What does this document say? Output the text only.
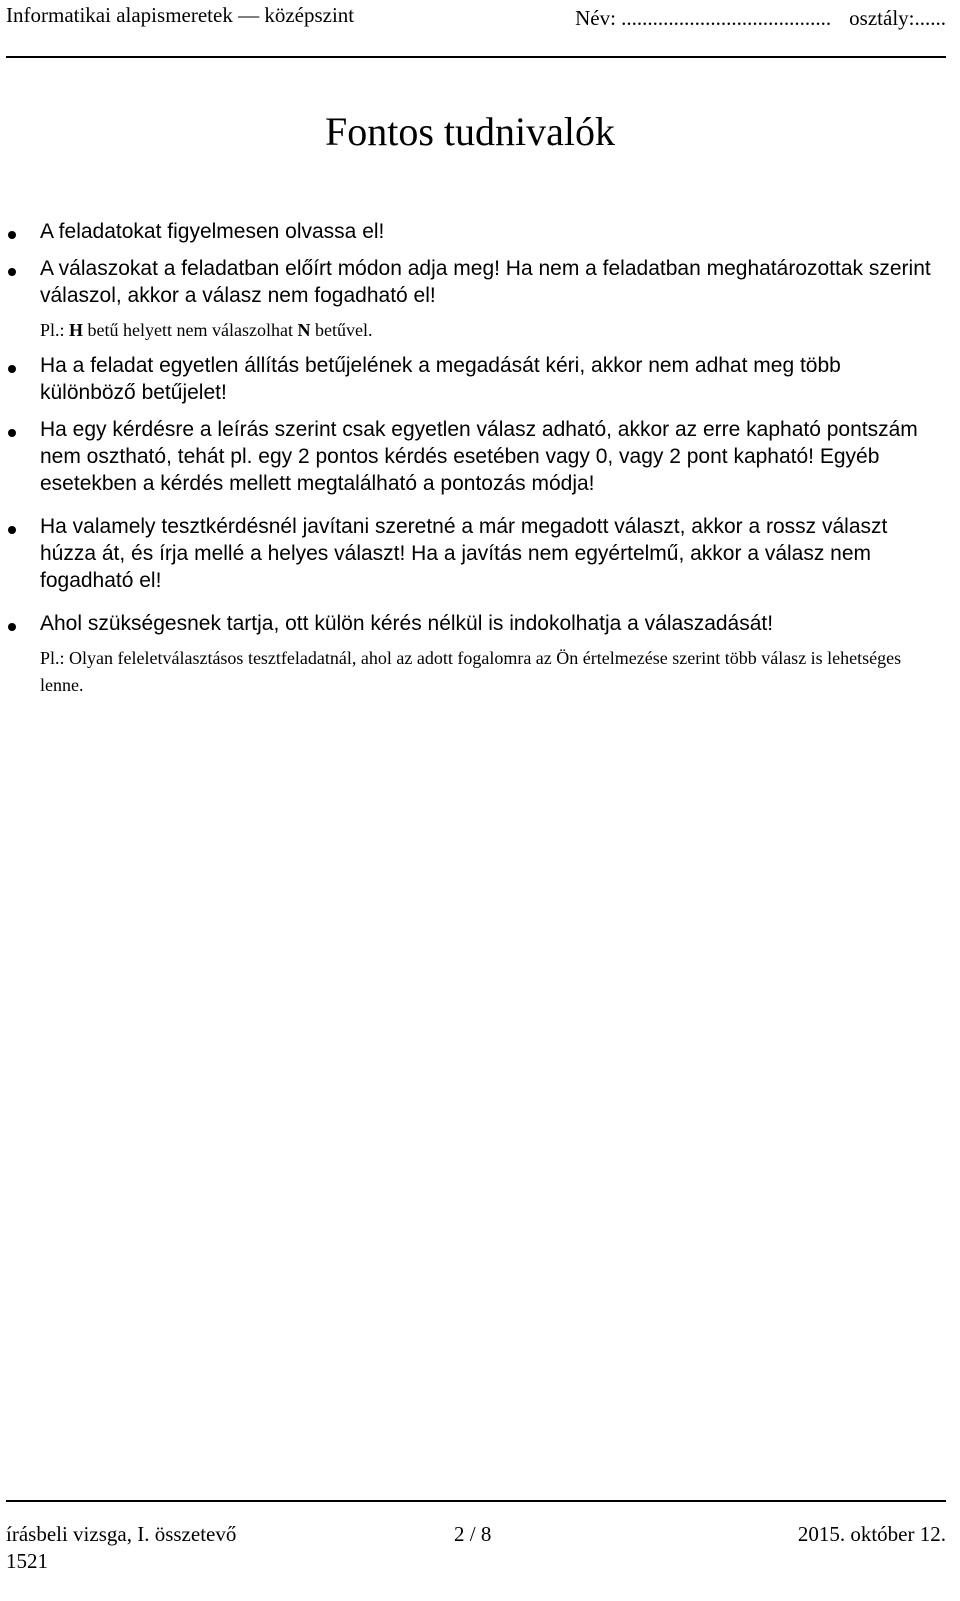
Informatikai alapismeretek — középszint	Név: ........................................ osztály:......
Fontos tudnivalók

A feladatokat figyelmesen olvassa el!

A válaszokat a feladatban előírt módon adja meg! Ha nem a feladatban meghatározottak szerint válaszol, akkor a válasz nem fogadható el!

Pl.: H betű helyett nem válaszolhat N betűvel.

Ha a feladat egyetlen állítás betűjelének a megadását kéri, akkor nem adhat meg több különböző betűjelet!

Ha egy kérdésre a leírás szerint csak egyetlen válasz adható, akkor az erre kapható pontszám nem osztható, tehát pl. egy 2 pontos kérdés esetében vagy 0, vagy 2 pont kapható! Egyéb esetekben a kérdés mellett megtalálható a pontozás módja!

Ha valamely tesztkérdésnél javítani szeretné a már megadott választ, akkor a rossz választ húzza át, és írja mellé a helyes választ! Ha a javítás nem egyértelmű, akkor a válasz nem fogadható el!

Ahol szükségesnek tartja, ott külön kérés nélkül is indokolhatja a válaszadását!

Pl.: Olyan feleletválasztásos tesztfeladatnál, ahol az adott fogalomra az Ön értelmezése szerint több válasz is lehetséges lenne.

írásbeli vizsga, I. összetevő	2 / 8	2015. október 12.
1521
